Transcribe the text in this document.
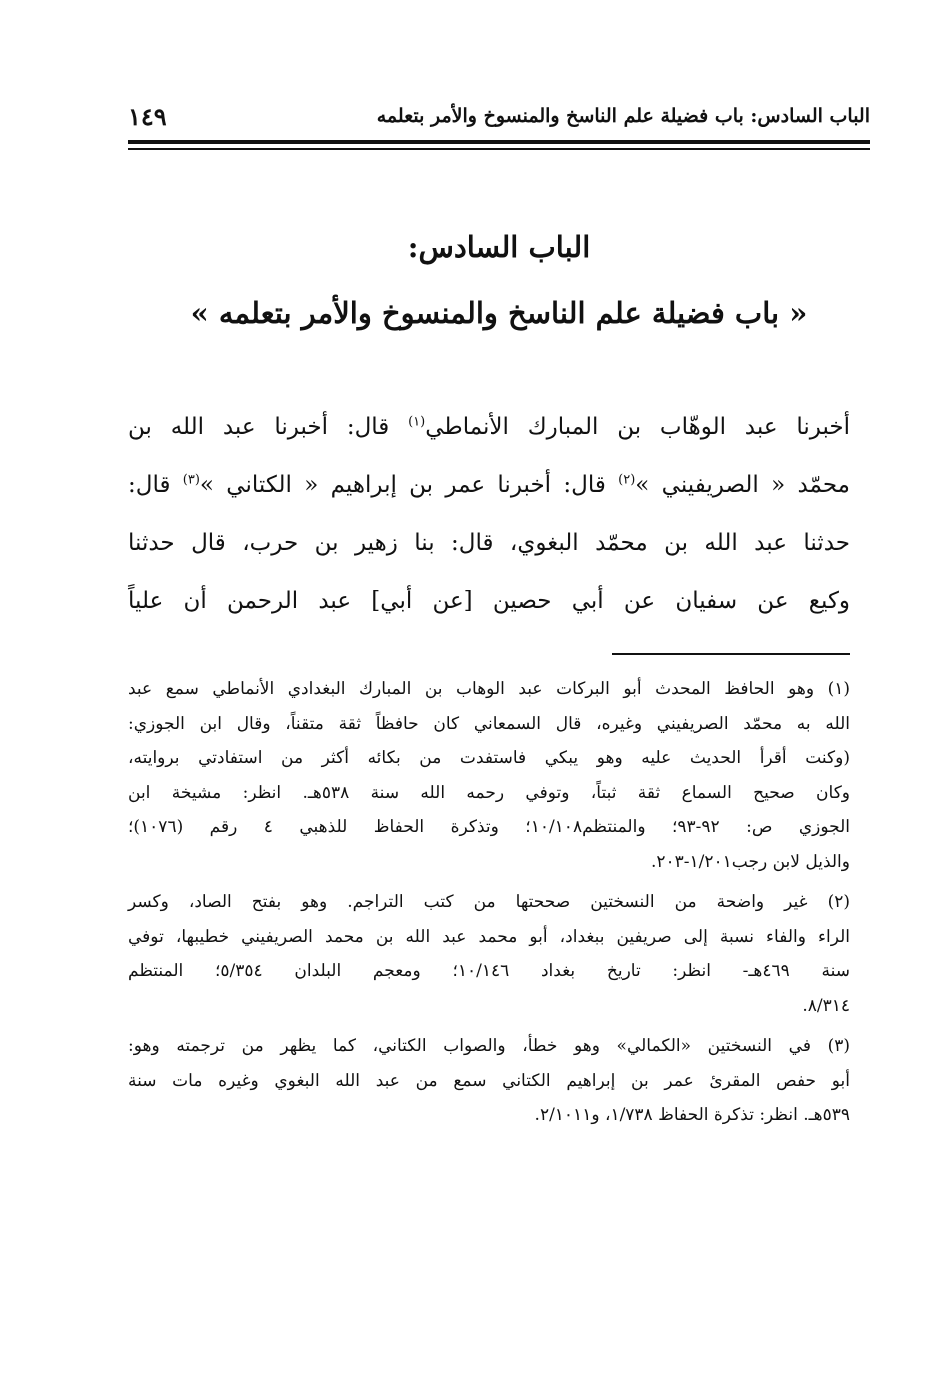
الباب السادس: باب فضيلة علم الناسخ والمنسوخ والأمر بتعلمه
١٤٩
الباب السادس:
« باب فضيلة علم الناسخ والمنسوخ والأمر بتعلمه »
أخبرنا عبد الوهّاب بن المبارك الأنماطي$^{(١)}$ قال: أخبرنا عبد الله بن
محمّد « الصريفيني »$^{(٢)}$ قال: أخبرنا عمر بن إبراهيم « الكتاني »$^{(٣)}$ قال:
حدثنا عبد الله بن محمّد البغوي، قال: بنا زهير بن حرب، قال حدثنا
وكيع عن سفيان عن أبي حصين [عن أبي] عبد الرحمن أن علياً
(١) وهو الحافظ المحدث أبو البركات عبد الوهاب بن المبارك البغدادي الأنماطي سمع عبد
الله به محمّد الصريفيني وغيره، قال السمعاني كان حافظاً ثقة متقناً، وقال ابن الجوزي:
(وكنت أقرأ الحديث عليه وهو يبكي فاستفدت من بكائه أكثر من استفادتي بروايته،
وكان صحيح السماع ثقة ثبتاً، وتوفي رحمه الله سنة ٥٣٨هـ. انظر: مشيخة ابن
الجوزي ص: ٩٢-٩٣؛ والمنتظم١٠/١٠٨؛ وتذكرة الحفاظ للذهبي ٤ رقم (١٠٧٦)؛
والذيل لابن رجب١/٢٠١-٢٠٣.
(٢) غير واضحة من النسختين صححتها من كتب التراجم. وهو بفتح الصاد، وكسر
الراء والفاء نسبة إلى صريفين ببغداد، أبو محمد عبد الله بن محمد الصريفيني خطيبها، توفي
سنة ٤٦٩هـ- انظر: تاريخ بغداد ١٠/١٤٦؛ ومعجم البلدان ٥/٣٥٤؛ المنتظم
٨/٣١٤.
(٣) في النسختين «الكمالي» وهو خطأ، والصواب الكتاني، كما يظهر من ترجمته وهو:
أبو حفص المقرئ عمر بن إبراهيم الكتاني سمع من عبد الله البغوي وغيره مات سنة
٥٣٩هـ. انظر: تذكرة الحفاظ ١/٧٣٨، و٢/١٠١١.
